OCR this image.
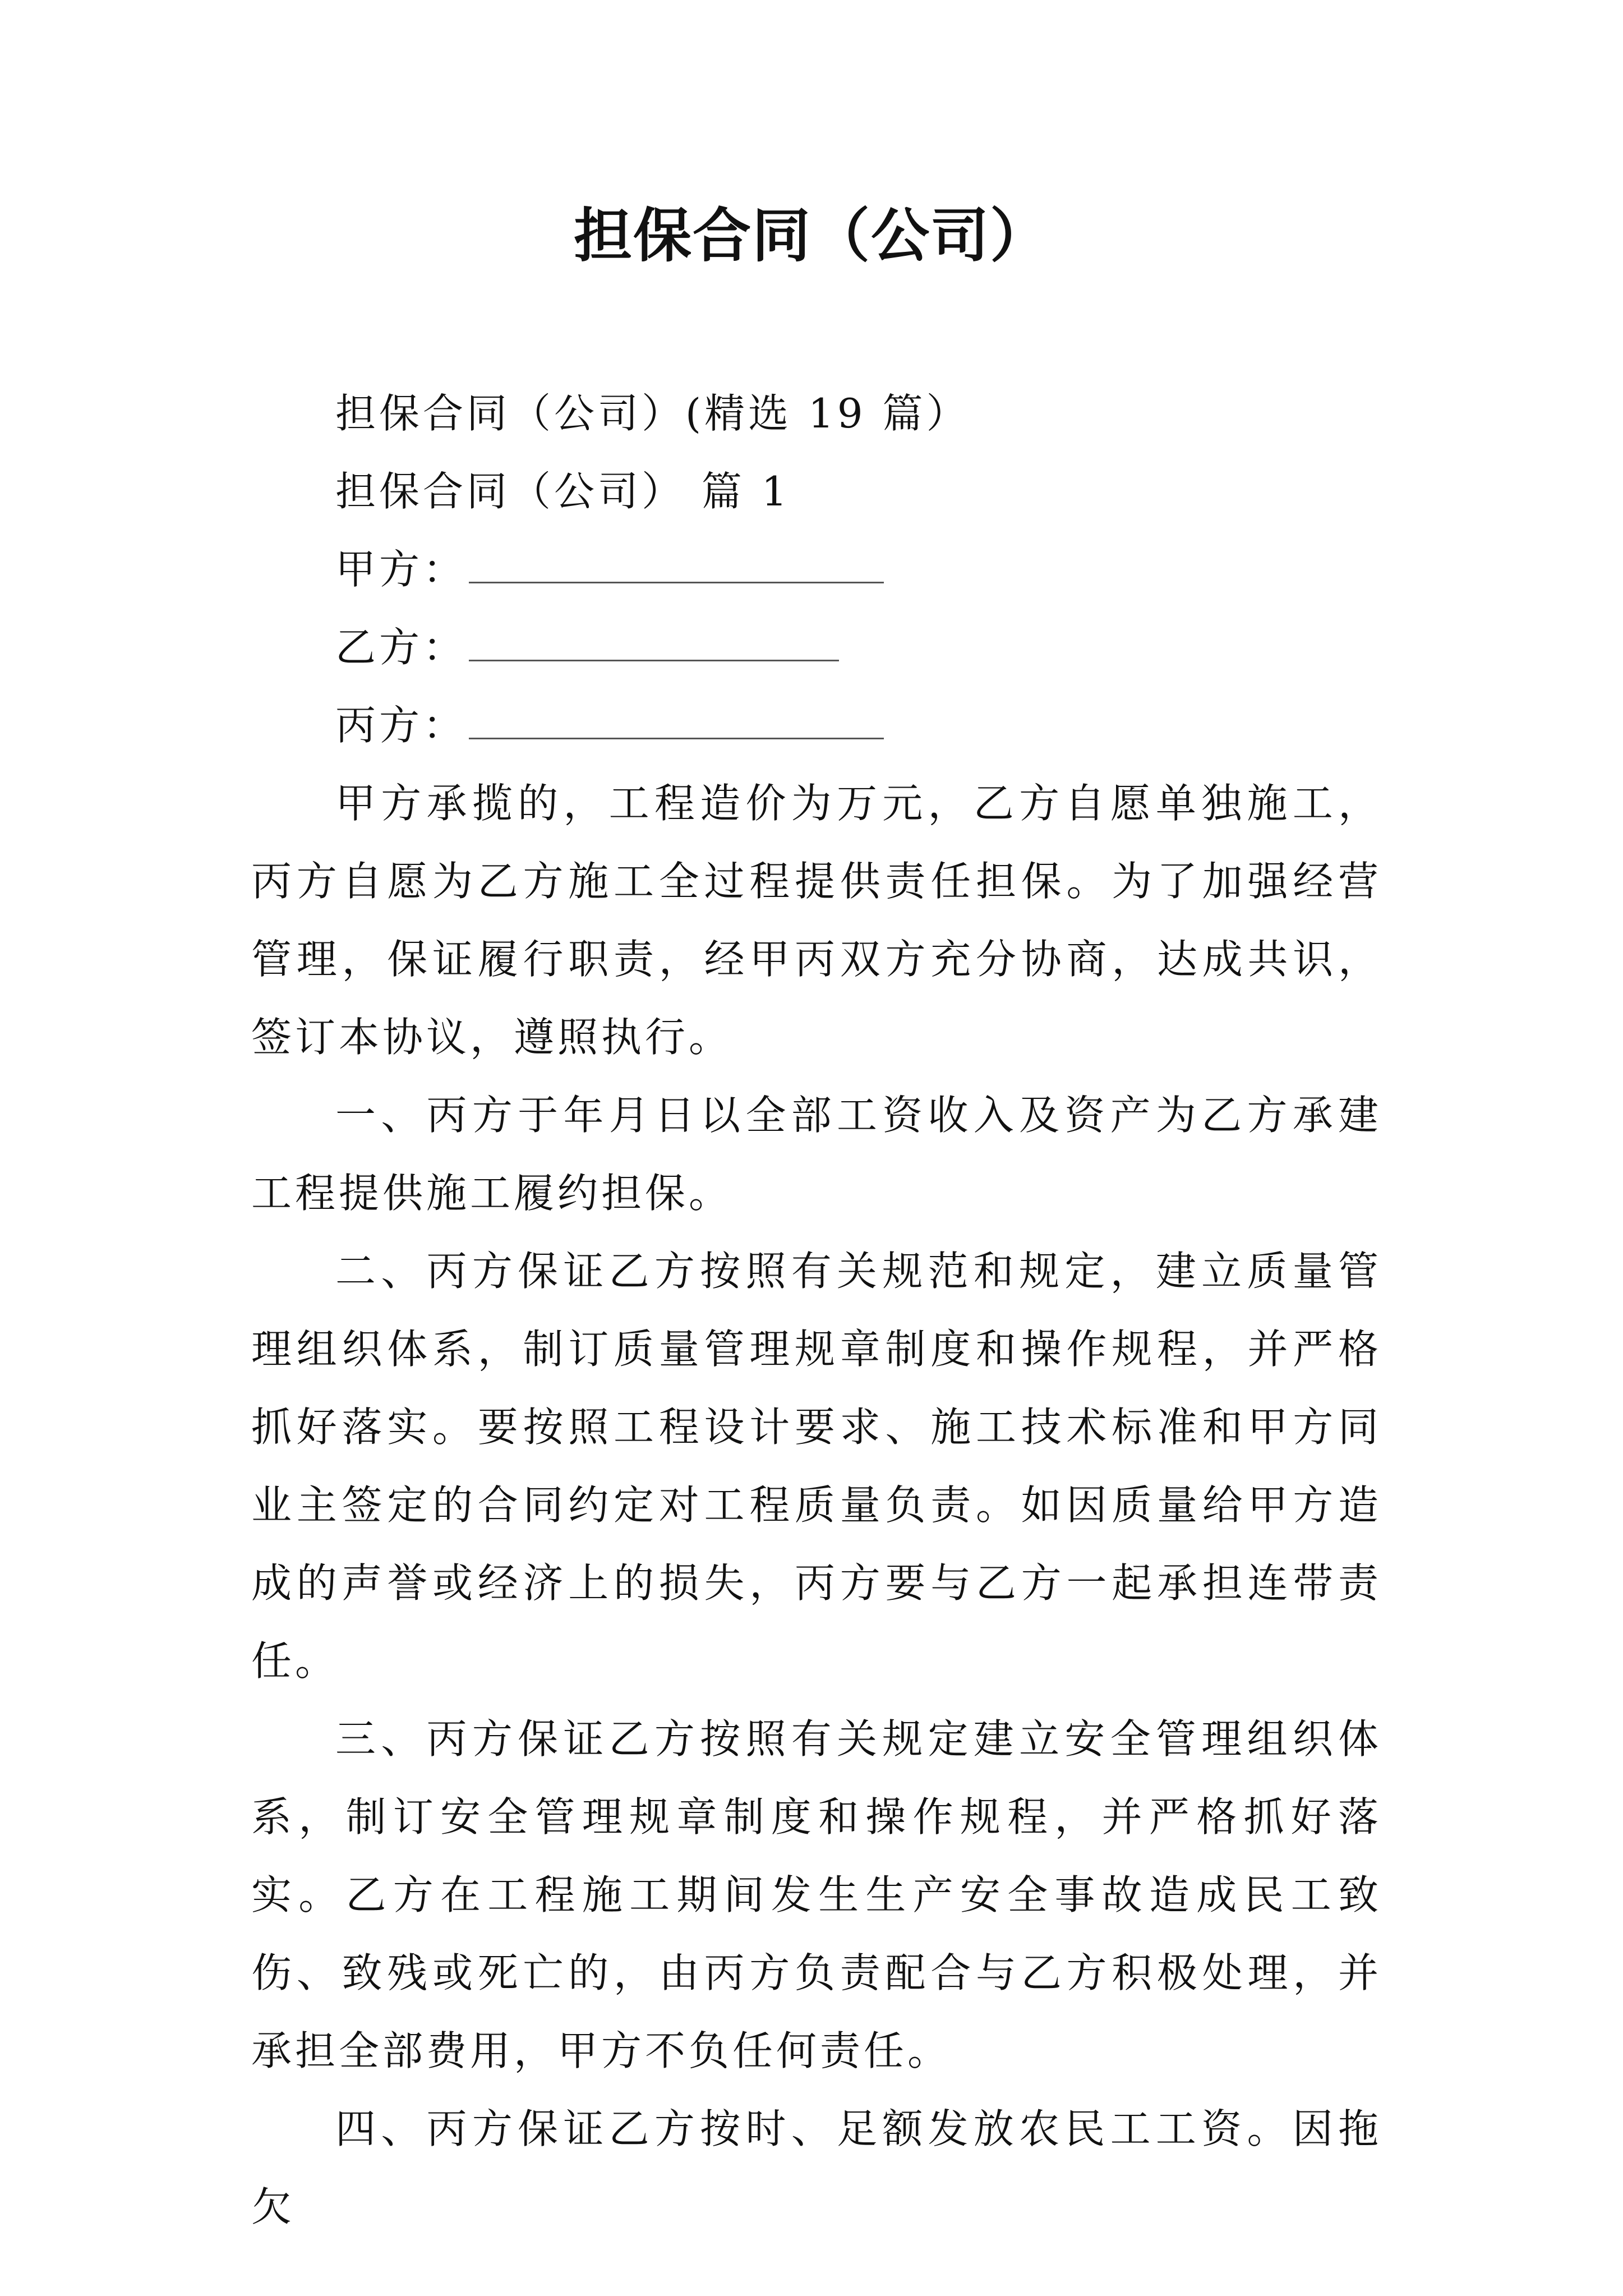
担保合同（公司）
担保合同（公司）(精选 19 篇）
担保合同（公司） 篇 1
甲方：
乙方：
丙方：

甲方承揽的，工程造价为万元，乙方自愿单独施工，丙方自愿为乙方施工全过程提供责任担保。为了加强经营管理，保证履行职责，经甲丙双方充分协商，达成共识，签订本协议，遵照执行。

一、丙方于年月日以全部工资收入及资产为乙方承建工程提供施工履约担保。

二、丙方保证乙方按照有关规范和规定，建立质量管理组织体系，制订质量管理规章制度和操作规程，并严格抓好落实。要按照工程设计要求、施工技术标准和甲方同业主签定的合同约定对工程质量负责。如因质量给甲方造成的声誉或经济上的损失，丙方要与乙方一起承担连带责任。

三、丙方保证乙方按照有关规定建立安全管理组织体系，制订安全管理规章制度和操作规程，并严格抓好落实。乙方在工程施工期间发生生产安全事故造成民工致伤、致残或死亡的，由丙方负责配合与乙方积极处理，并承担全部费用，甲方不负任何责任。

四、丙方保证乙方按时、足额发放农民工工资。因拖欠
